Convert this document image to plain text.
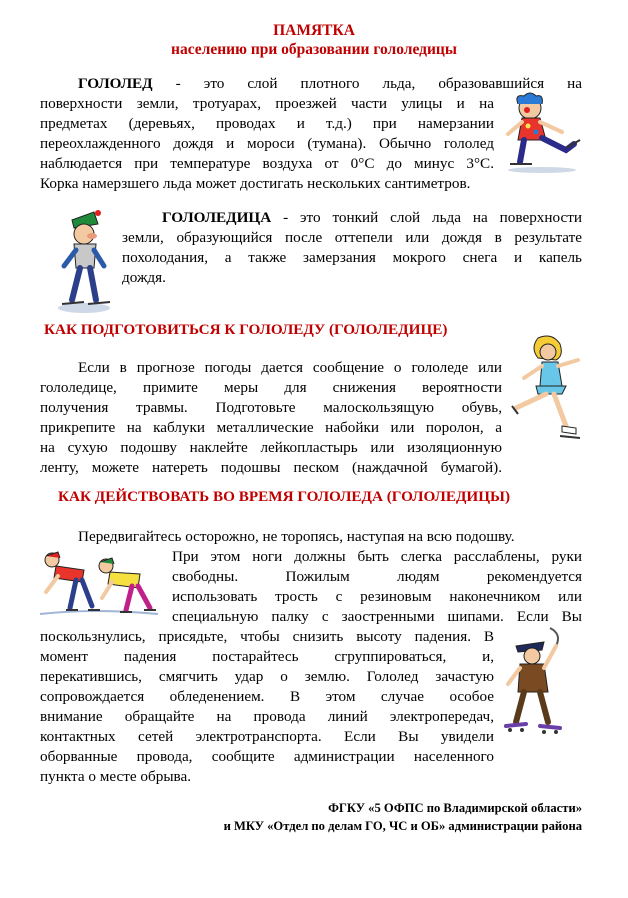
ПАМЯТКА
населению при образовании гололедицы
ГОЛОЛЕД - это слой плотного льда, образовавшийся на
поверхности земли, тротуарах, проезжей части улицы и на
предметах (деревьях, проводах и т.д.) при намерзании
переохлажденного дождя и мороси (тумана). Обычно гололед
наблюдается при температуре воздуха от 0°С до минус 3°С.
Корка намерзшего льда может достигать нескольких сантиметров.
ГОЛОЛЕДИЦА - это тонкий слой льда на поверхности
земли, образующийся после оттепели или дождя в результате
похолодания, а также замерзания мокрого снега и капель
дождя.
КАК ПОДГОТОВИТЬСЯ К ГОЛОЛЕДУ (ГОЛОЛЕДИЦЕ)
Если в прогнозе погоды дается сообщение о гололеде или
гололедице, примите меры для снижения вероятности
получения травмы. Подготовьте малоскользящую обувь,
прикрепите на каблуки металлические набойки или поролон, а
на сухую подошву наклейте лейкопластырь или изоляционную
ленту, можете натереть подошвы песком (наждачной бумагой).
КАК ДЕЙСТВОВАТЬ ВО ВРЕМЯ ГОЛОЛЕДА (ГОЛОЛЕДИЦЫ)
Передвигайтесь осторожно, не торопясь, наступая на всю подошву.
При этом ноги должны быть слегка расслаблены, руки
свободны. Пожилым людям рекомендуется
использовать трость с резиновым наконечником или
специальную палку с заостренными шипами. Если Вы
поскользнулись, присядьте, чтобы снизить высоту падения. В
момент падения постарайтесь сгруппироваться, и,
перекатившись, смягчить удар о землю. Гололед зачастую
сопровождается обледенением. В этом случае особое
внимание обращайте на провода линий электропередач,
контактных сетей электротранспорта. Если Вы увидели
оборванные провода, сообщите администрации населенного
пункта о месте обрыва.
ФГКУ «5 ОФПС по Владимирской области»
и МКУ «Отдел по делам ГО, ЧС и ОБ» администрации района
